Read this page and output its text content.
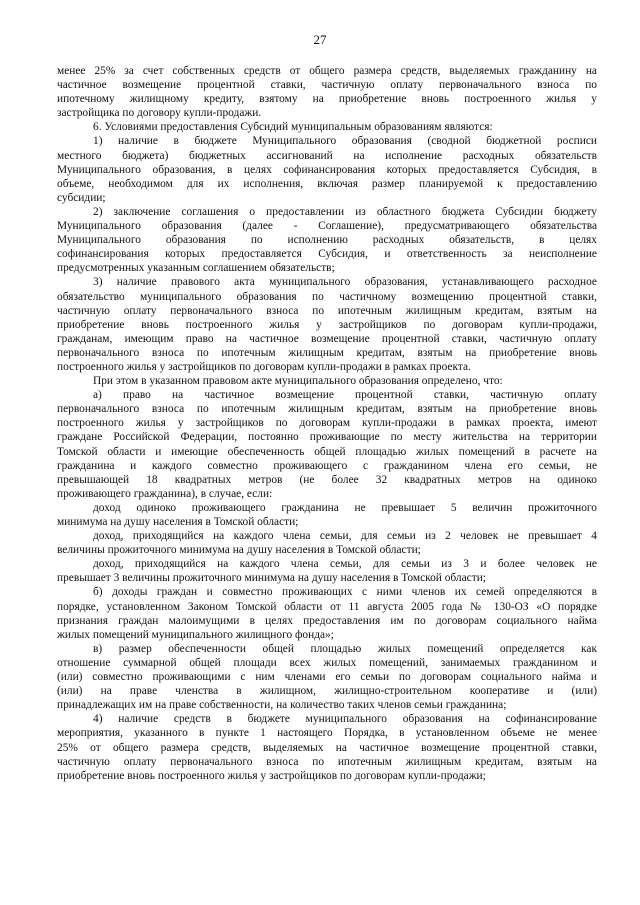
27
менее 25% за счет собственных средств от общего размера средств, выделяемых гражданину на
частичное возмещение процентной ставки, частичную оплату первоначального взноса по
ипотечному жилищному кредиту, взятому на приобретение вновь построенного жилья у
застройщика по договору купли-продажи.
6. Условиями предоставления Субсидий муниципальным образованиям являются:
1) наличие в бюджете Муниципального образования (сводной бюджетной росписи
местного бюджета) бюджетных ассигнований на исполнение расходных обязательств
Муниципального образования, в целях софинансирования которых предоставляется Субсидия, в
объеме, необходимом для их исполнения, включая размер планируемой к предоставлению
субсидии;
2) заключение соглашения о предоставлении из областного бюджета Субсидии бюджету
Муниципального образования (далее - Соглашение), предусматривающего обязательства
Муниципального образования по исполнению расходных обязательств, в целях
софинансирования которых предоставляется Субсидия, и ответственность за неисполнение
предусмотренных указанным соглашением обязательств;
3) наличие правового акта муниципального образования, устанавливающего расходное
обязательство муниципального образования по частичному возмещению процентной ставки,
частичную оплату первоначального взноса по ипотечным жилищным кредитам, взятым на
приобретение вновь построенного жилья у застройщиков по договорам купли-продажи,
гражданам, имеющим право на частичное возмещение процентной ставки, частичную оплату
первоначального взноса по ипотечным жилищным кредитам, взятым на приобретение вновь
построенного жилья у застройщиков по договорам купли-продажи в рамках проекта.
При этом в указанном правовом акте муниципального образования определено, что:
а) право на частичное возмещение процентной ставки, частичную оплату
первоначального взноса по ипотечным жилищным кредитам, взятым на приобретение вновь
построенного жилья у застройщиков по договорам купли-продажи в рамках проекта, имеют
граждане Российской Федерации, постоянно проживающие по месту жительства на территории
Томской области и имеющие обеспеченность общей площадью жилых помещений в расчете на
гражданина и каждого совместно проживающего с гражданином члена его семьи, не
превышающей 18 квадратных метров (не более 32 квадратных метров на одиноко
проживающего гражданина), в случае, если:
доход одиноко проживающего гражданина не превышает 5 величин прожиточного
минимума на душу населения в Томской области;
доход, приходящийся на каждого члена семьи, для семьи из 2 человек не превышает 4
величины прожиточного минимума на душу населения в Томской области;
доход, приходящийся на каждого члена семьи, для семьи из 3 и более человек не
превышает 3 величины прожиточного минимума на душу населения в Томской области;
б) доходы граждан и совместно проживающих с ними членов их семей определяются в
порядке, установленном Законом Томской области от 11 августа 2005 года № 130-ОЗ «О порядке
признания граждан малоимущими в целях предоставления им по договорам социального найма
жилых помещений муниципального жилищного фонда»;
в) размер обеспеченности общей площадью жилых помещений определяется как
отношение суммарной общей площади всех жилых помещений, занимаемых гражданином и
(или) совместно проживающими с ним членами его семьи по договорам социального найма и
(или) на праве членства в жилищном, жилищно-строительном кооперативе и (или)
принадлежащих им на праве собственности, на количество таких членов семьи гражданина;
4) наличие средств в бюджете муниципального образования на софинансирование
мероприятия, указанного в пункте 1 настоящего Порядка, в установленном объеме не менее
25% от общего размера средств, выделяемых на частичное возмещение процентной ставки,
частичную оплату первоначального взноса по ипотечным жилищным кредитам, взятым на
приобретение вновь построенного жилья у застройщиков по договорам купли-продажи;
